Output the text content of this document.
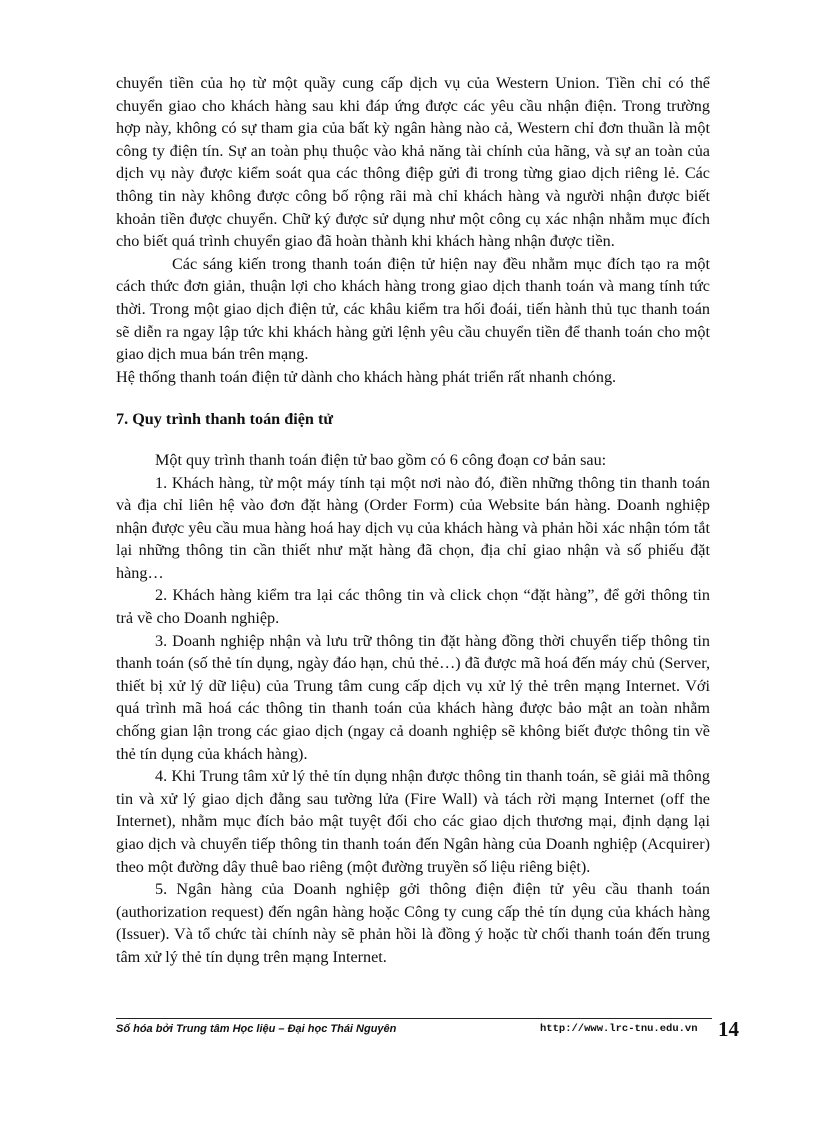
chuyển tiền của họ từ một quầy cung cấp dịch vụ của Western Union. Tiền chỉ có thể chuyển giao cho khách hàng sau khi đáp ứng được các yêu cầu nhận điện. Trong trường hợp này, không có sự tham gia của bất kỳ ngân hàng nào cả, Western chỉ đơn thuần là một công ty điện tín. Sự an toàn phụ thuộc vào khả năng tài chính của hãng, và sự an toàn của dịch vụ này được kiểm soát qua các thông điệp gửi đi trong từng giao dịch riêng lẻ. Các thông tin này không được công bố rộng rãi mà chỉ khách hàng và người nhận được biết khoản tiền được chuyển. Chữ ký được sử dụng như một công cụ xác nhận nhằm mục đích cho biết quá trình chuyển giao đã hoàn thành khi khách hàng nhận được tiền.

Các sáng kiến trong thanh toán điện tử hiện nay đều nhằm mục đích tạo ra một cách thức đơn giản, thuận lợi cho khách hàng trong giao dịch thanh toán và mang tính tức thời. Trong một giao dịch điện tử, các khâu kiểm tra hối đoái, tiến hành thủ tục thanh toán sẽ diễn ra ngay lập tức khi khách hàng gửi lệnh yêu cầu chuyển tiền để thanh toán cho một giao dịch mua bán trên mạng.

Hệ thống thanh toán điện tử dành cho khách hàng phát triển rất nhanh chóng.

7. Quy trình thanh toán điện tử

Một quy trình thanh toán điện tử bao gồm có 6 công đoạn cơ bản sau:

1. Khách hàng, từ một máy tính tại một nơi nào đó, điền những thông tin thanh toán và địa chỉ liên hệ vào đơn đặt hàng (Order Form) của Website bán hàng. Doanh nghiệp nhận được yêu cầu mua hàng hoá hay dịch vụ của khách hàng và phản hồi xác nhận tóm tắt lại những thông tin cần thiết như mặt hàng đã chọn, địa chỉ giao nhận và số phiếu đặt hàng…

2. Khách hàng kiểm tra lại các thông tin và click chọn “đặt hàng”, để gởi thông tin trả về cho Doanh nghiệp.

3. Doanh nghiệp nhận và lưu trữ thông tin đặt hàng đồng thời chuyển tiếp thông tin thanh toán (số thẻ tín dụng, ngày đáo hạn, chủ thẻ…) đã được mã hoá đến máy chủ (Server, thiết bị xử lý dữ liệu) của Trung tâm cung cấp dịch vụ xử lý thẻ trên mạng Internet. Với quá trình mã hoá các thông tin thanh toán của khách hàng được bảo mật an toàn nhằm chống gian lận trong các giao dịch (ngay cả doanh nghiệp sẽ không biết được thông tin về thẻ tín dụng của khách hàng).

4. Khi Trung tâm xử lý thẻ tín dụng nhận được thông tin thanh toán, sẽ giải mã thông tin và xử lý giao dịch đằng sau tường lửa (Fire Wall) và tách rời mạng Internet (off the Internet), nhằm mục đích bảo mật tuyệt đối cho các giao dịch thương mại, định dạng lại giao dịch và chuyển tiếp thông tin thanh toán đến Ngân hàng của Doanh nghiệp (Acquirer) theo một đường dây thuê bao riêng (một đường truyền số liệu riêng biệt).

5. Ngân hàng của Doanh nghiệp gởi thông điện điện tử yêu cầu thanh toán (authorization request) đến ngân hàng hoặc Công ty cung cấp thẻ tín dụng của khách hàng (Issuer). Và tổ chức tài chính này sẽ phản hồi là đồng ý hoặc từ chối thanh toán đến trung tâm xử lý thẻ tín dụng trên mạng Internet.

Số hóa bởi Trung tâm Học liệu – Đại học Thái Nguyên	http://www.lrc-tnu.edu.vn 14
